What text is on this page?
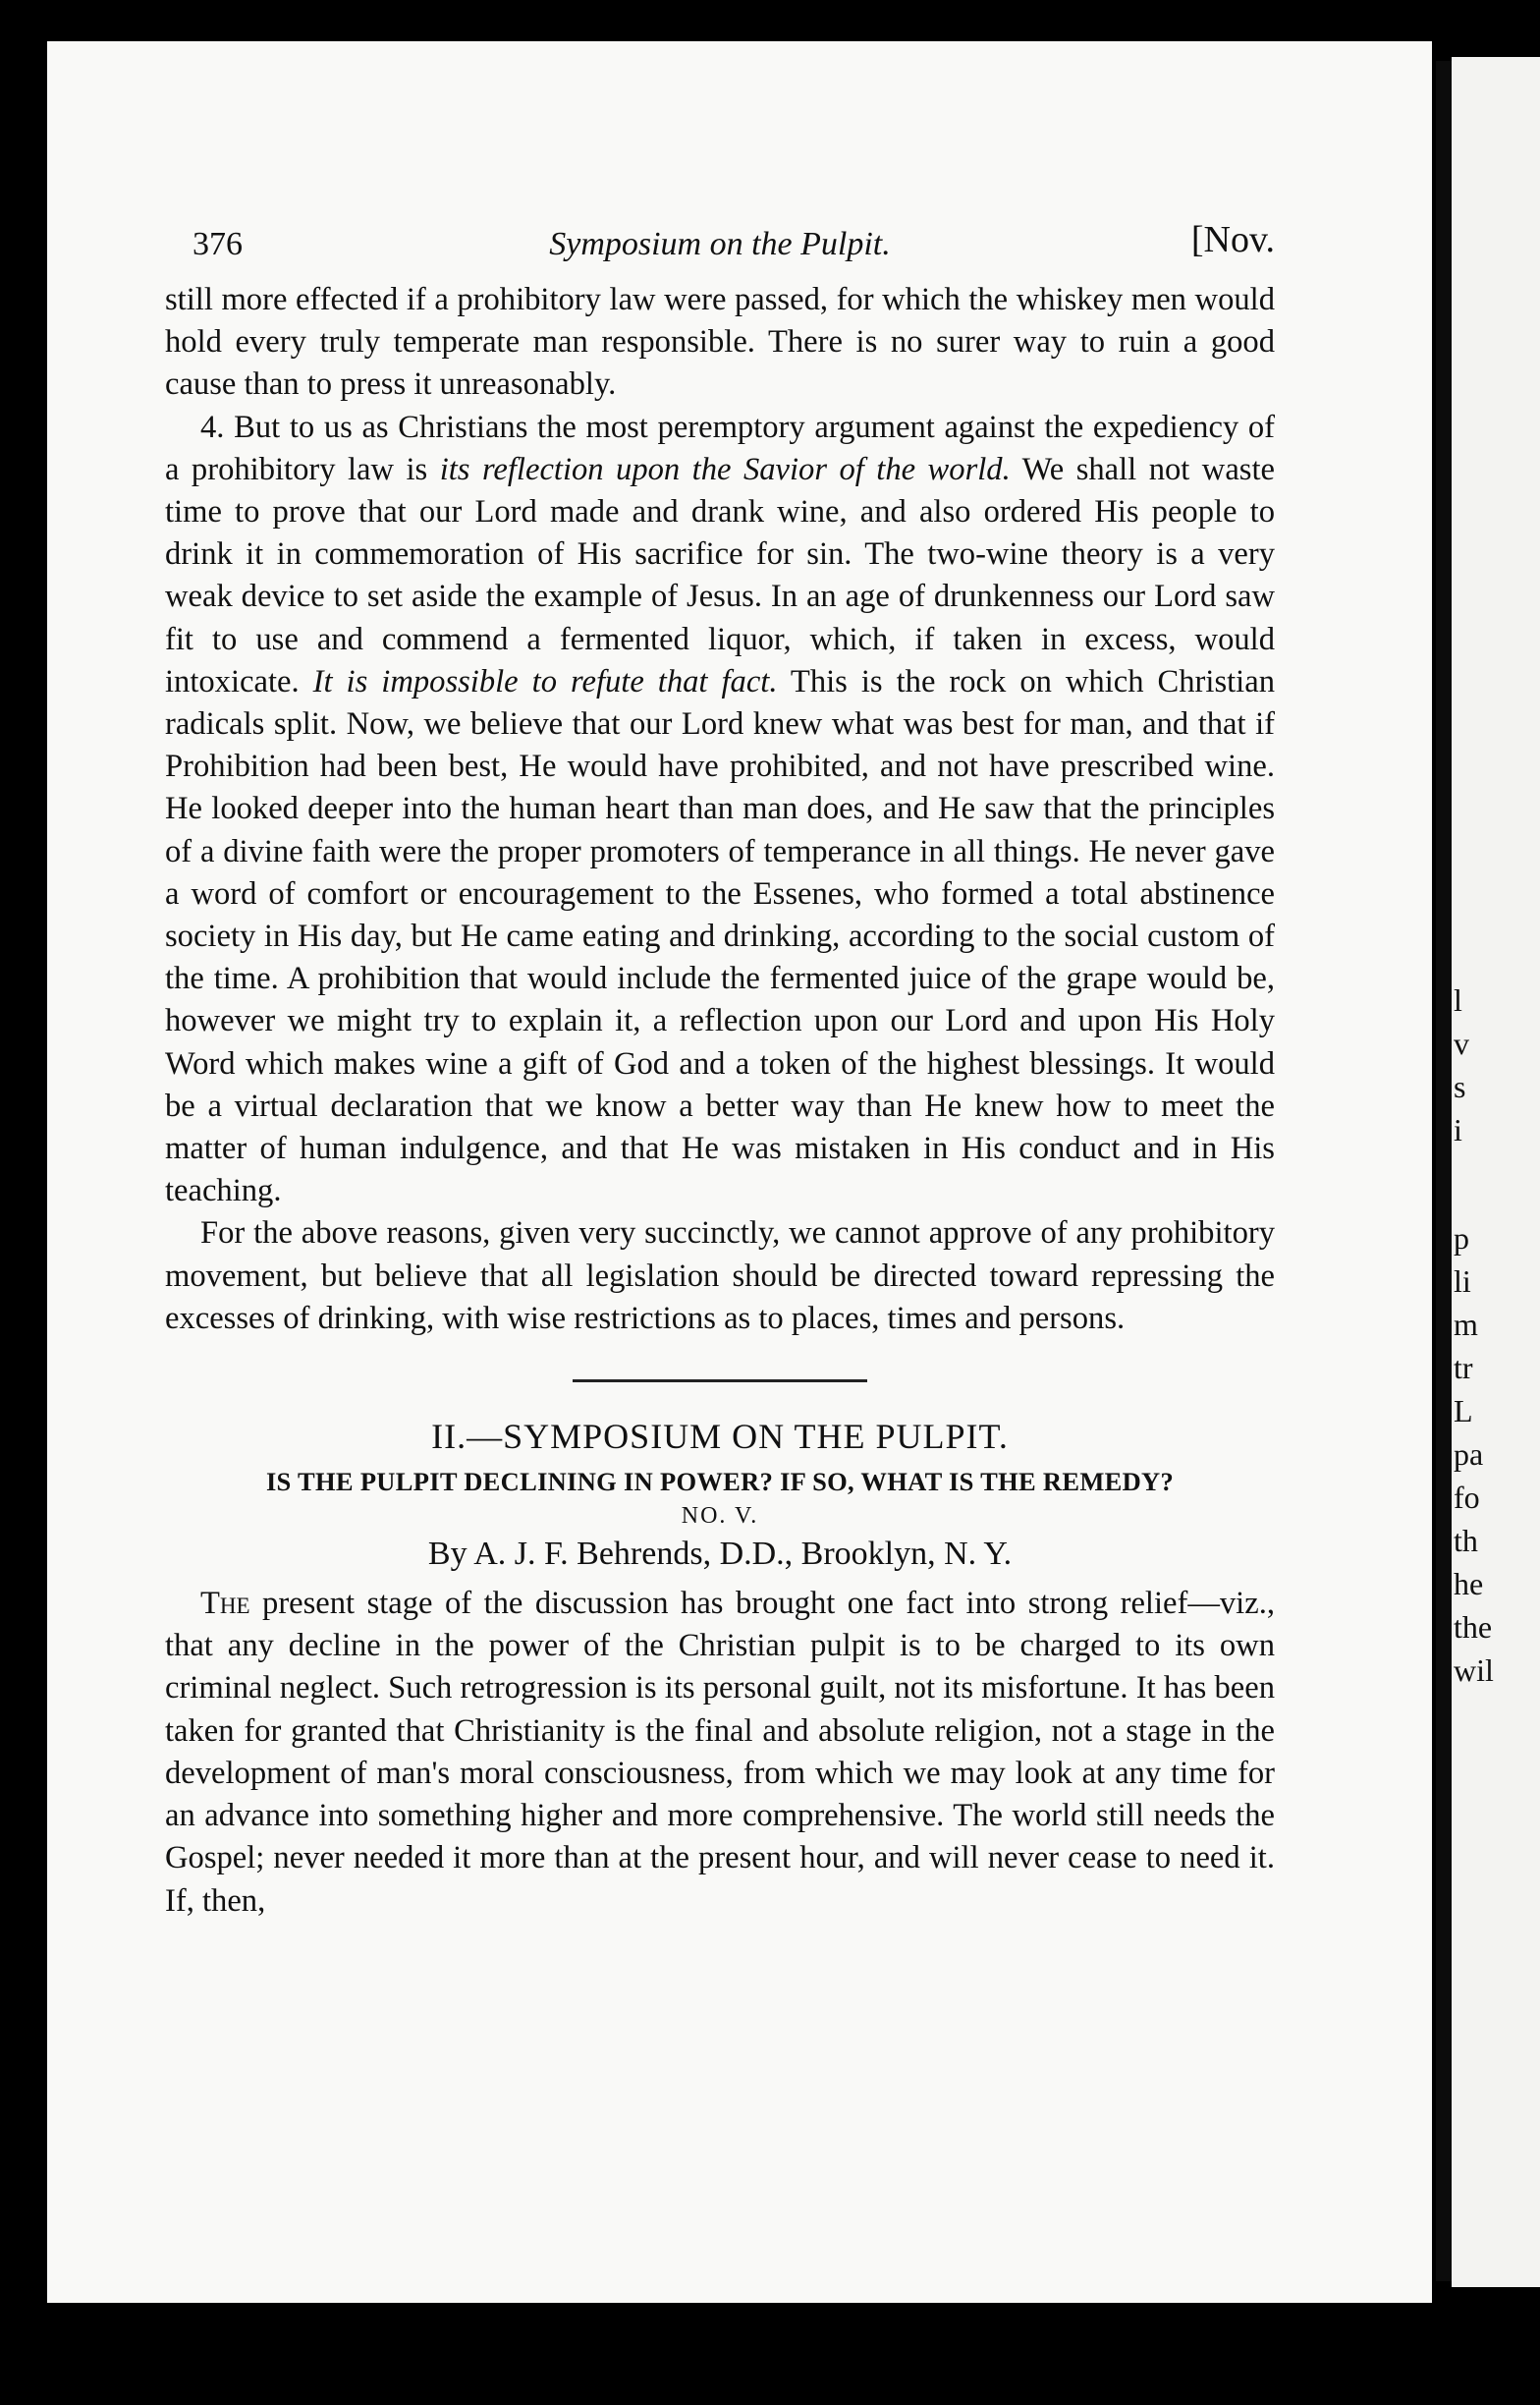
l
v
s
i
p
li
m
tr
L
pa
fo
th
he
the
wil
376	Symposium on the Pulpit.	[Nov.

still more effected if a prohibitory law were passed, for which the whiskey men would hold every truly temperate man responsible. There is no surer way to ruin a good cause than to press it unreasonably.

4. But to us as Christians the most peremptory argument against the expediency of a prohibitory law is its reflection upon the Savior of the world. We shall not waste time to prove that our Lord made and drank wine, and also ordered His people to drink it in commemoration of His sacrifice for sin. The two-wine theory is a very weak device to set aside the example of Jesus. In an age of drunkenness our Lord saw fit to use and commend a fermented liquor, which, if taken in excess, would intoxicate. It is impossible to refute that fact. This is the rock on which Christian radicals split. Now, we believe that our Lord knew what was best for man, and that if Prohibition had been best, He would have prohibited, and not have prescribed wine. He looked deeper into the human heart than man does, and He saw that the principles of a divine faith were the proper promoters of temperance in all things. He never gave a word of comfort or encouragement to the Essenes, who formed a total abstinence society in His day, but He came eating and drinking, according to the social custom of the time. A prohibition that would include the fermented juice of the grape would be, however we might try to explain it, a reflection upon our Lord and upon His Holy Word which makes wine a gift of God and a token of the highest blessings. It would be a virtual declaration that we know a better way than He knew how to meet the matter of human indulgence, and that He was mistaken in His conduct and in His teaching.

For the above reasons, given very succinctly, we cannot approve of any prohibitory movement, but believe that all legislation should be directed toward repressing the excesses of drinking, with wise restrictions as to places, times and persons.

II.—SYMPOSIUM ON THE PULPIT.
IS THE PULPIT DECLINING IN POWER? IF SO, WHAT IS THE REMEDY?
NO. V.
By A. J. F. Behrends, D.D., Brooklyn, N. Y.

The present stage of the discussion has brought one fact into strong relief—viz., that any decline in the power of the Christian pulpit is to be charged to its own criminal neglect. Such retrogression is its personal guilt, not its misfortune. It has been taken for granted that Christianity is the final and absolute religion, not a stage in the development of man's moral consciousness, from which we may look at any time for an advance into something higher and more comprehensive. The world still needs the Gospel; never needed it more than at the present hour, and will never cease to need it. If, then,
